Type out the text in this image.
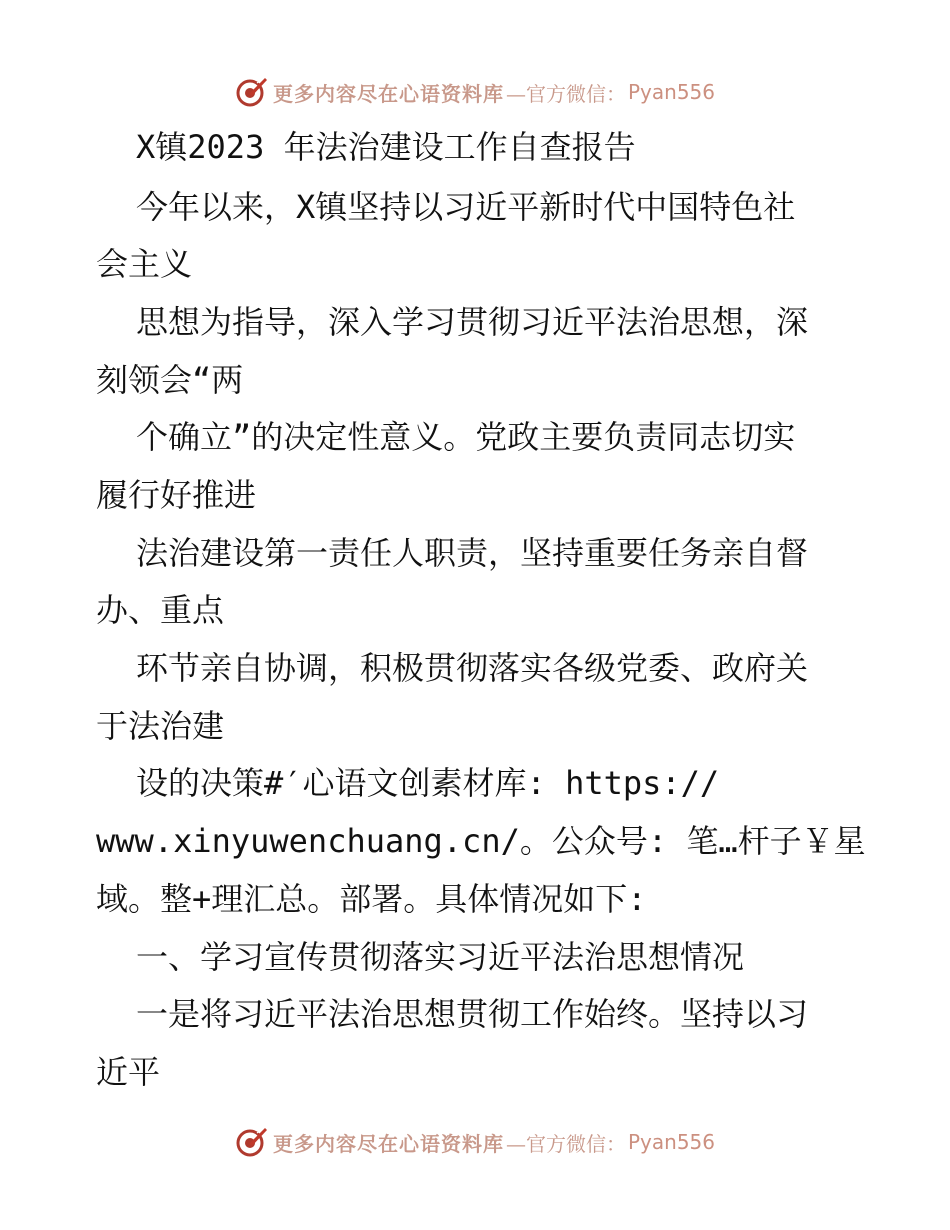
更多内容尽在心语资料库 —官方微信： Pyan556
X镇2023 年法治建设工作自查报告
今年以来，X镇坚持以习近平新时代中国特色社
会主义
思想为指导，深入学习贯彻习近平法治思想，深
刻领会“两
个确立”的决定性意义。党政主要负责同志切实
履行好推进
法治建设第一责任人职责，坚持重要任务亲自督
办、重点
环节亲自协调，积极贯彻落实各级党委、政府关
于法治建
设的决策#′心语文创素材库: https://
www.xinyuwenchuang.cn/。公众号: 笔…杆子￥星
域。整+理汇总。部署。具体情况如下:
一、学习宣传贯彻落实习近平法治思想情况
一是将习近平法治思想贯彻工作始终。坚持以习
近平
更多内容尽在心语资料库 —官方微信： Pyan556
